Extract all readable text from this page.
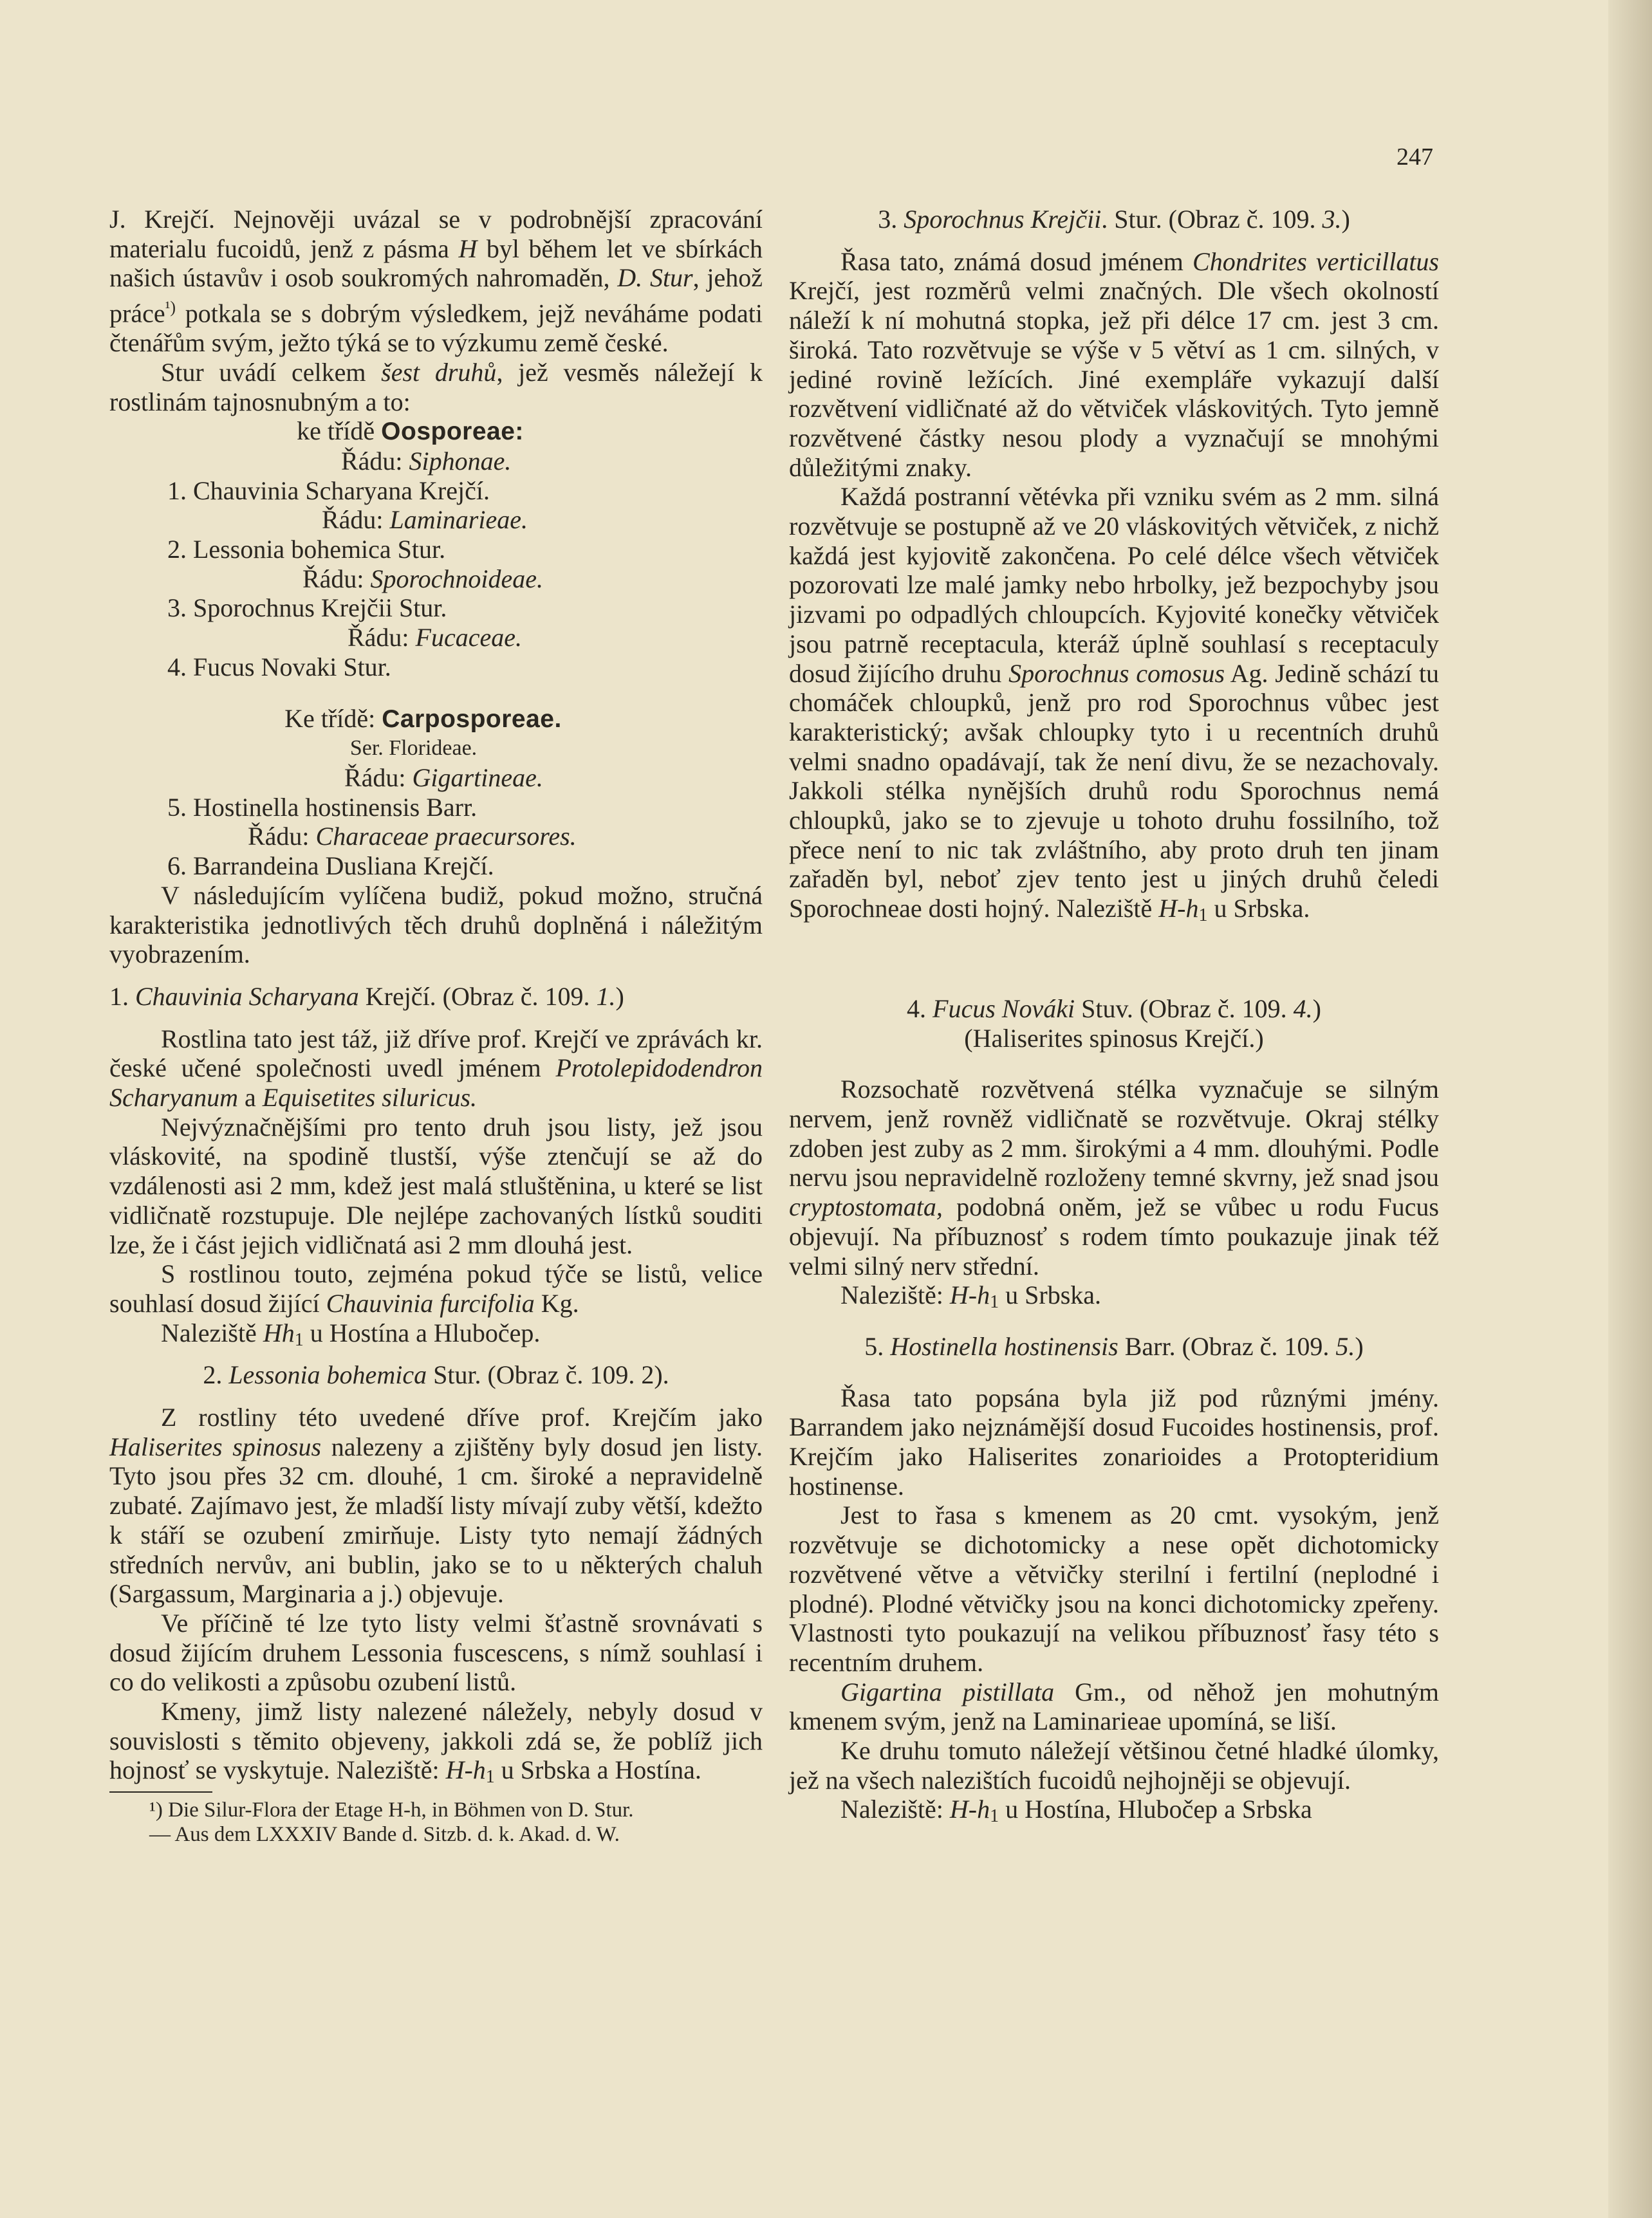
247

J. Krejčí. Nejnověji uvázal se v podrobnější zpracování materialu fucoidů, jenž z pásma H byl během let ve sbírkách našich ústavův i osob soukromých nahromaděn, D. Stur, jehož práce$^{^1)}$ potkala se s dobrým výsledkem, jejž neváháme podati čtenářům svým, ježto týká se to výzkumu země české.

Stur uvádí celkem šest druhů, jež vesměs náležejí k rostlinám tajnosnubným a to:

ke třídě Oosporeae:

Řádu: Siphonae.

1. Chauvinia Scharyana Krejčí.

Řádu: Laminarieae.

2. Lessonia bohemica Stur.

Řádu: Sporochnoideae.

3. Sporochnus Krejčii Stur.

Řádu: Fucaceae.

4. Fucus Novaki Stur.

Ke třídě: Carposporeae.

Ser. Floridеae.

Řádu: Gigartineae.

5. Hostinella hostinensis Barr.

Řádu: Characeae praecursores.

6. Barrandeina Dusliana Krejčí.

V následujícím vylíčena budiž, pokud možno, stručná karakteristika jednotlivých těch druhů doplněná i náležitým vyobrazením.

1. Chauvinia Scharyana Krejčí. (Obraz č. 109. 1.)

Rostlina tato jest táž, již dříve prof. Krejčí ve zprávách kr. české učené společnosti uvedl jménem Protolepidodendron Scharyanum a Equisetites siluricus.

Nejvýznačnějšími pro tento druh jsou listy, jež jsou vláskovité, na spodině tlustší, výše ztenčují se až do vzdálenosti asi 2 mm, kdež jest malá stluštěnina, u které se list vidličnatě rozstupuje. Dle nejlépe zachovaných lístků souditi lze, že i část jejich vidličnatá asi 2 mm dlouhá jest.

S rostlinou touto, zejména pokud týče se listů, velice souhlasí dosud žijící Chauvinia furcifolia Kg.

Naleziště $Hh_1$ u Hostína a Hlubočep.

2. Lessonia bohemica Stur. (Obraz č. 109. 2).

Z rostliny této uvedené dříve prof. Krejčím jako Haliserites spinosus nalezeny a zjištěny byly dosud jen listy. Tyto jsou přes 32 cm. dlouhé, 1 cm. široké a nepravidelně zubaté. Zajímavo jest, že mladší listy mívají zuby větší, kdežto k stáří se ozubení zmirňuje. Listy tyto nemají žádných středních nervův, ani bublin, jako se to u některých chaluh (Sargassum, Marginaria a j.) objevuje.

Ve příčině té lze tyto listy velmi šťastně srovnávati s dosud žijícím druhem Lessonia fuscescens, s nímž souhlasí i co do velikosti a způsobu ozubení listů.

Kmeny, jimž listy nalezené náležely, nebyly dosud v souvislosti s těmito objeveny, jakkoli zdá se, že poblíž jich hojnosť se vyskytuje. Naleziště: $H-h_1$ u Srbska a Hostína.

¹) Die Silur-Flora der Etage H-h, in Böhmen von D. Stur.

— Aus dem LXXXIV Bande d. Sitzb. d. k. Akad. d. W.

3. Sporochnus Krejčii. Stur. (Obraz č. 109. 3.)

Řasa tato, známá dosud jménem Chondrites verticillatus Krejčí, jest rozměrů velmi značných. Dle všech okolností náleží k ní mohutná stopka, jež při délce 17 cm. jest 3 cm. široká. Tato rozvětvuje se výše v 5 větví as 1 cm. silných, v jediné rovině ležících. Jiné exempláře vykazují další rozvětvení vidličnaté až do větviček vláskovitých. Tyto jemně rozvětvené částky nesou plody a vyznačují se mnohými důležitými znaky.

Každá postranní větévka při vzniku svém as 2 mm. silná rozvětvuje se postupně až ve 20 vláskovitých větviček, z nichž každá jest kyjovitě zakončena. Po celé délce všech větviček pozorovati lze malé jamky nebo hrbolky, jež bezpochyby jsou jizvami po odpadlých chloupcích. Kyjovité konečky větviček jsou patrně receptacula, kteráž úplně souhlasí s receptaculy dosud žijícího druhu Sporochnus comosus Ag. Jedině schází tu chomáček chloupků, jenž pro rod Sporochnus vůbec jest karakteristický; avšak chloupky tyto i u recentních druhů velmi snadno opadávají, tak že není divu, že se nezachovaly. Jakkoli stélka nynějších druhů rodu Sporochnus nemá chloupků, jako se to zjevuje u tohoto druhu fossilního, tož přece není to nic tak zvláštního, aby proto druh ten jinam zařaděn byl, neboť zjev tento jest u jiných druhů čeledi Sporochneae dosti hojný. Naleziště $H-h_1$ u Srbska.

4. Fucus Nováki Stuv. (Obraz č. 109. 4.)

(Haliserites spinosus Krejčí.)

Rozsochatě rozvětvená stélka vyznačuje se silným nervem, jenž rovněž vidličnatě se rozvětvuje. Okraj stélky zdoben jest zuby as 2 mm. širokými a 4 mm. dlouhými. Podle nervu jsou nepravidelně rozloženy temné skvrny, jež snad jsou cryptostomata, podobná oněm, jež se vůbec u rodu Fucus objevují. Na příbuznosť s rodem tímto poukazuje jinak též velmi silný nerv střední.

Naleziště: $H-h_1$ u Srbska.

5. Hostinella hostinensis Barr. (Obraz č. 109. 5.)

Řasa tato popsána byla již pod různými jmény. Barrandem jako nejznámější dosud Fucoides hostinensis, prof. Krejčím jako Haliserites zonarioides a Protopteridium hostinense.

Jest to řasa s kmenem as 20 cmt. vysokým, jenž rozvětvuje se dichotomicky a nese opět dichotomicky rozvětvené větve a větvičky sterilní i fertilní (neplodné i plodné). Plodné větvičky jsou na konci dichotomicky zpeřeny. Vlastnosti tyto poukazují na velikou příbuznosť řasy této s recentním druhem.

Gigartina pistillata Gm., od něhož jen mohutným kmenem svým, jenž na Laminarieae upomíná, se liší.

Ke druhu tomuto náležejí většinou četné hladké úlomky, jež na všech nalezištích fucoidů nejhojněji se objevují.

Naleziště: $H-h_1$ u Hostína, Hlubočep a Srbska
